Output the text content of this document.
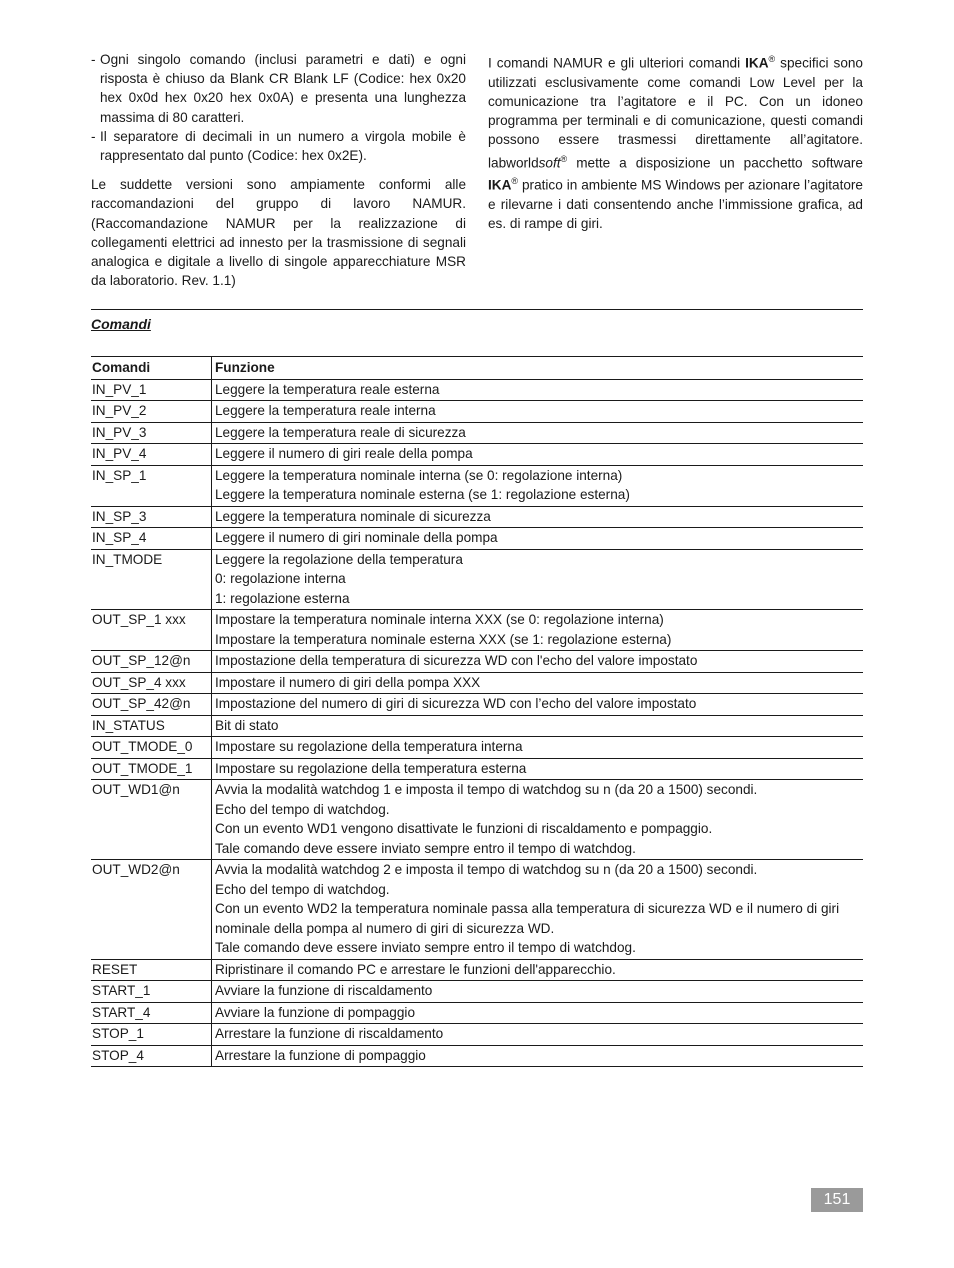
- Ogni singolo comando (inclusi parametri e dati) e ogni risposta è chiuso da Blank CR Blank LF (Codice: hex 0x20 hex 0x0d hex 0x20 hex 0x0A) e presenta una lunghezza massima di 80 caratteri.

- Il separatore di decimali in un numero a virgola mobile è rappresentato dal punto (Codice: hex 0x2E).

Le suddette versioni sono ampiamente conformi alle raccomandazioni del gruppo di lavoro NAMUR. (Raccomandazione NAMUR per la realizzazione di collegamenti elettrici ad innesto per la trasmissione di segnali analogica e digitale a livello di singole apparecchiature MSR da laboratorio. Rev. 1.1)

I comandi NAMUR e gli ulteriori comandi IKA® specifici sono utilizzati esclusivamente come comandi Low Level per la comunicazione tra l’agitatore e il PC. Con un idoneo programma per terminali e di comunicazione, questi comandi possono essere trasmessi direttamente all’agitatore. labworldsoft® mette a disposizione un pacchetto software IKA® pratico in ambiente MS Windows per azionare l’agitatore e rilevarne i dati consentendo anche l’immissione grafica, ad es. di rampe di giri.

Comandi
Comandi	Funzione
IN_PV_1	Leggere la temperatura reale esterna

IN_PV_2	Leggere la temperatura reale interna

IN_PV_3	Leggere la temperatura reale di sicurezza

IN_PV_4	Leggere il numero di giri reale della pompa

IN_SP_1	Leggere la temperatura nominale interna (se 0: regolazione interna)
Leggere la temperatura nominale esterna (se 1: regolazione esterna)

IN_SP_3	Leggere la temperatura nominale di sicurezza

IN_SP_4	Leggere il numero di giri nominale della pompa

IN_TMODE	Leggere la regolazione della temperatura
0: regolazione interna
1: regolazione esterna

OUT_SP_1 xxx	Impostare la temperatura nominale interna XXX (se 0: regolazione interna)
Impostare la temperatura nominale esterna XXX (se 1: regolazione esterna)

OUT_SP_12@n	Impostazione della temperatura di sicurezza WD con l'echo del valore impostato

OUT_SP_4 xxx	Impostare il numero di giri della pompa XXX

OUT_SP_42@n	Impostazione del numero di giri di sicurezza WD con l’echo del valore impostato

IN_STATUS	Bit di stato

OUT_TMODE_0	Impostare su regolazione della temperatura interna

OUT_TMODE_1	Impostare su regolazione della temperatura esterna

OUT_WD1@n	Avvia la modalità watchdog 1 e imposta il tempo di watchdog su n (da 20 a 1500) secondi.
Echo del tempo di watchdog.
Con un evento WD1 vengono disattivate le funzioni di riscaldamento e pompaggio.
Tale comando deve essere inviato sempre entro il tempo di watchdog.

OUT_WD2@n	Avvia la modalità watchdog 2 e imposta il tempo di watchdog su n (da 20 a 1500) secondi.
Echo del tempo di watchdog.
Con un evento WD2 la temperatura nominale passa alla temperatura di sicurezza WD e il numero di giri nominale della pompa al numero di giri di sicurezza WD.
Tale comando deve essere inviato sempre entro il tempo di watchdog.

RESET	Ripristinare il comando PC e arrestare le funzioni dell'apparecchio.

START_1	Avviare la funzione di riscaldamento

START_4	Avviare la funzione di pompaggio

STOP_1	Arrestare la funzione di riscaldamento

STOP_4	Arrestare la funzione di pompaggio
151
